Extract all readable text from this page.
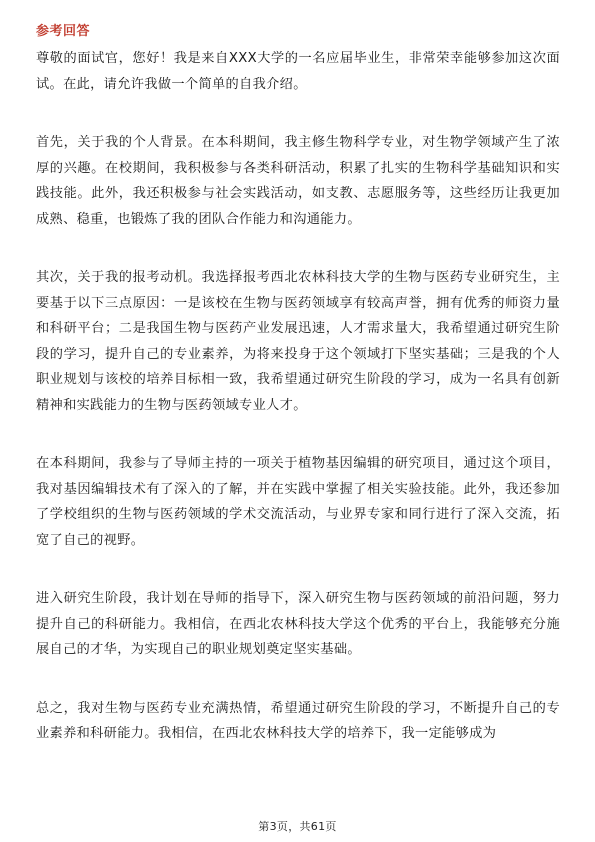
参考回答

尊敬的面试官，您好！我是来自XXX大学的一名应届毕业生，非常荣幸能够参加这次面试。在此，请允许我做一个简单的自我介绍。

首先，关于我的个人背景。在本科期间，我主修生物科学专业，对生物学领域产生了浓厚的兴趣。在校期间，我积极参与各类科研活动，积累了扎实的生物科学基础知识和实践技能。此外，我还积极参与社会实践活动，如支教、志愿服务等，这些经历让我更加成熟、稳重，也锻炼了我的团队合作能力和沟通能力。

其次，关于我的报考动机。我选择报考西北农林科技大学的生物与医药专业研究生，主要基于以下三点原因：一是该校在生物与医药领域享有较高声誉，拥有优秀的师资力量和科研平台；二是我国生物与医药产业发展迅速，人才需求量大，我希望通过研究生阶段的学习，提升自己的专业素养，为将来投身于这个领域打下坚实基础；三是我的个人职业规划与该校的培养目标相一致，我希望通过研究生阶段的学习，成为一名具有创新精神和实践能力的生物与医药领域专业人才。

在本科期间，我参与了导师主持的一项关于植物基因编辑的研究项目，通过这个项目，我对基因编辑技术有了深入的了解，并在实践中掌握了相关实验技能。此外，我还参加了学校组织的生物与医药领域的学术交流活动，与业界专家和同行进行了深入交流，拓宽了自己的视野。

进入研究生阶段，我计划在导师的指导下，深入研究生物与医药领域的前沿问题，努力提升自己的科研能力。我相信，在西北农林科技大学这个优秀的平台上，我能够充分施展自己的才华，为实现自己的职业规划奠定坚实基础。

总之，我对生物与医药专业充满热情，希望通过研究生阶段的学习，不断提升自己的专业素养和科研能力。我相信，在西北农林科技大学的培养下，我一定能够成为

第3页，共61页
